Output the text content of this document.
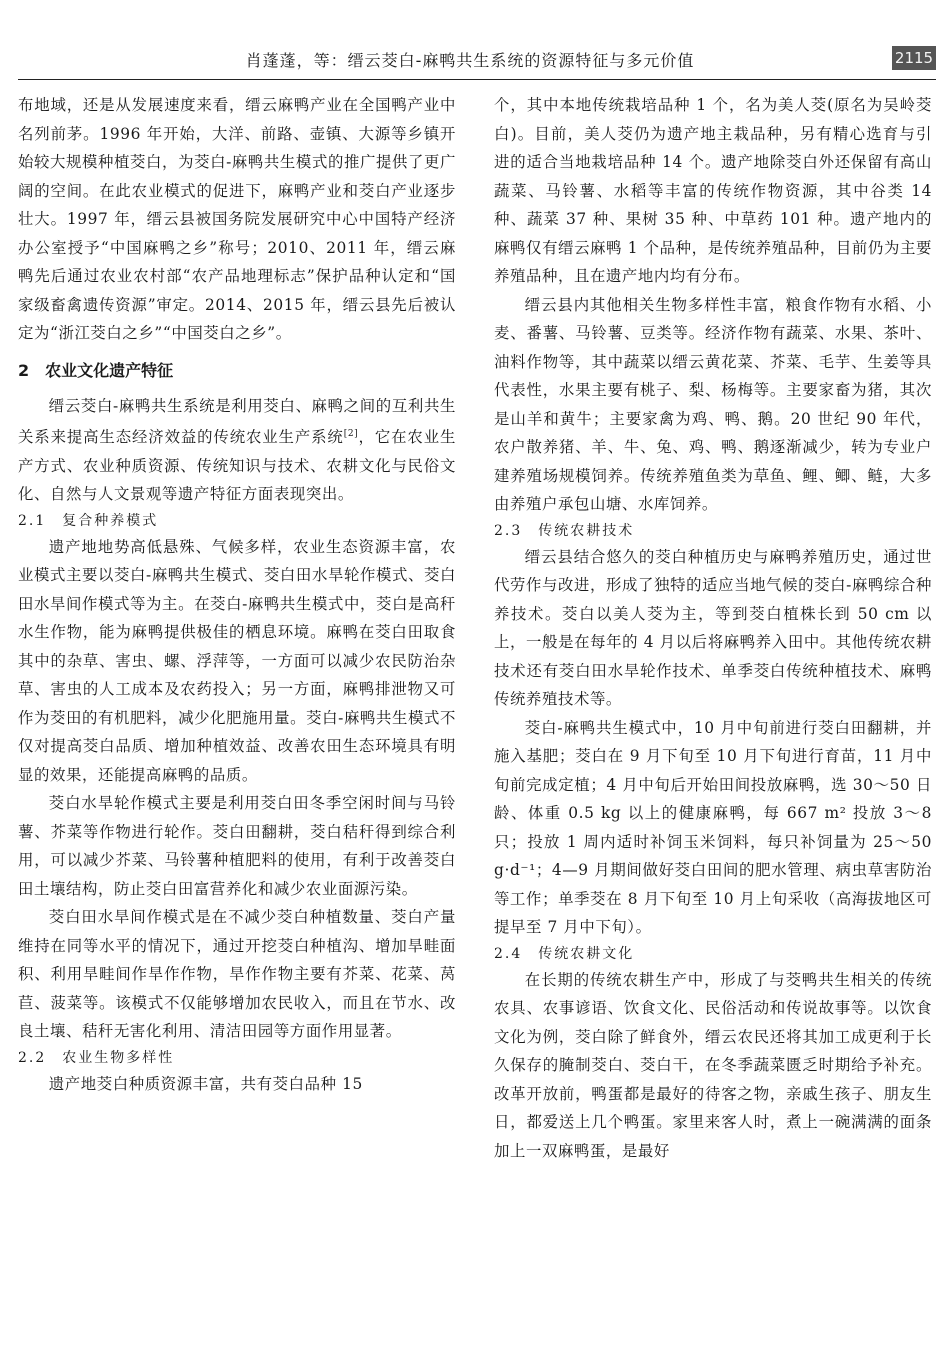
肖蓬蓬，等：缙云茭白-麻鸭共生系统的资源特征与多元价值	2115

布地域，还是从发展速度来看，缙云麻鸭产业在全国鸭产业中名列前茅。1996 年开始，大洋、前路、壶镇、大源等乡镇开始较大规模种植茭白，为茭白-麻鸭共生模式的推广提供了更广阔的空间。在此农业模式的促进下，麻鸭产业和茭白产业逐步壮大。1997 年，缙云县被国务院发展研究中心中国特产经济办公室授予“中国麻鸭之乡”称号；2010、2011 年，缙云麻鸭先后通过农业农村部“农产品地理标志”保护品种认定和“国家级畜禽遗传资源”审定。2014、2015 年，缙云县先后被认定为“浙江茭白之乡”“中国茭白之乡”。

2　农业文化遗产特征

缙云茭白-麻鸭共生系统是利用茭白、麻鸭之间的互利共生关系来提高生态经济效益的传统农业生产系统[2]，它在农业生产方式、农业种质资源、传统知识与技术、农耕文化与民俗文化、自然与人文景观等遗产特征方面表现突出。

2.1 复合种养模式

遗产地地势高低悬殊、气候多样，农业生态资源丰富，农业模式主要以茭白-麻鸭共生模式、茭白田水旱轮作模式、茭白田水旱间作模式等为主。在茭白-麻鸭共生模式中，茭白是高秆水生作物，能为麻鸭提供极佳的栖息环境。麻鸭在茭白田取食其中的杂草、害虫、螺、浮萍等，一方面可以减少农民防治杂草、害虫的人工成本及农药投入；另一方面，麻鸭排泄物又可作为茭田的有机肥料，减少化肥施用量。茭白-麻鸭共生模式不仅对提高茭白品质、增加种植效益、改善农田生态环境具有明显的效果，还能提高麻鸭的品质。

茭白水旱轮作模式主要是利用茭白田冬季空闲时间与马铃薯、芥菜等作物进行轮作。茭白田翻耕，茭白秸秆得到综合利用，可以减少芥菜、马铃薯种植肥料的使用，有利于改善茭白田土壤结构，防止茭白田富营养化和减少农业面源污染。

茭白田水旱间作模式是在不减少茭白种植数量、茭白产量维持在同等水平的情况下，通过开挖茭白种植沟、增加旱畦面积、利用旱畦间作旱作作物，旱作作物主要有芥菜、花菜、莴苣、菠菜等。该模式不仅能够增加农民收入，而且在节水、改良土壤、秸秆无害化利用、清洁田园等方面作用显著。

2.2 农业生物多样性

遗产地茭白种质资源丰富，共有茭白品种 15

个，其中本地传统栽培品种 1 个，名为美人茭(原名为吴岭茭白)。目前，美人茭仍为遗产地主栽品种，另有精心选育与引进的适合当地栽培品种 14 个。遗产地除茭白外还保留有高山蔬菜、马铃薯、水稻等丰富的传统作物资源，其中谷类 14 种、蔬菜 37 种、果树 35 种、中草药 101 种。遗产地内的麻鸭仅有缙云麻鸭 1 个品种，是传统养殖品种，目前仍为主要养殖品种，且在遗产地内均有分布。

缙云县内其他相关生物多样性丰富，粮食作物有水稻、小麦、番薯、马铃薯、豆类等。经济作物有蔬菜、水果、茶叶、油料作物等，其中蔬菜以缙云黄花菜、芥菜、毛芋、生姜等具代表性，水果主要有桃子、梨、杨梅等。主要家畜为猪，其次是山羊和黄牛；主要家禽为鸡、鸭、鹅。20 世纪 90 年代，农户散养猪、羊、牛、兔、鸡、鸭、鹅逐渐减少，转为专业户建养殖场规模饲养。传统养殖鱼类为草鱼、鲤、鲫、鲢，大多由养殖户承包山塘、水库饲养。

2.3 传统农耕技术

缙云县结合悠久的茭白种植历史与麻鸭养殖历史，通过世代劳作与改进，形成了独特的适应当地气候的茭白-麻鸭综合种养技术。茭白以美人茭为主，等到茭白植株长到 50 cm 以上，一般是在每年的 4 月以后将麻鸭养入田中。其他传统农耕技术还有茭白田水旱轮作技术、单季茭白传统种植技术、麻鸭传统养殖技术等。

茭白-麻鸭共生模式中，10 月中旬前进行茭白田翻耕，并施入基肥；茭白在 9 月下旬至 10 月下旬进行育苗，11 月中旬前完成定植；4 月中旬后开始田间投放麻鸭，选 30～50 日龄、体重 0.5 kg 以上的健康麻鸭，每 667 m² 投放 3～8 只；投放 1 周内适时补饲玉米饲料，每只补饲量为 25～50 g·d⁻¹；4—9 月期间做好茭白田间的肥水管理、病虫草害防治等工作；单季茭在 8 月下旬至 10 月上旬采收（高海拔地区可提早至 7 月中下旬）。

2.4 传统农耕文化

在长期的传统农耕生产中，形成了与茭鸭共生相关的传统农具、农事谚语、饮食文化、民俗活动和传说故事等。以饮食文化为例，茭白除了鲜食外，缙云农民还将其加工成更利于长久保存的腌制茭白、茭白干，在冬季蔬菜匮乏时期给予补充。改革开放前，鸭蛋都是最好的待客之物，亲戚生孩子、朋友生日，都爱送上几个鸭蛋。家里来客人时，煮上一碗满满的面条加上一双麻鸭蛋，是最好
